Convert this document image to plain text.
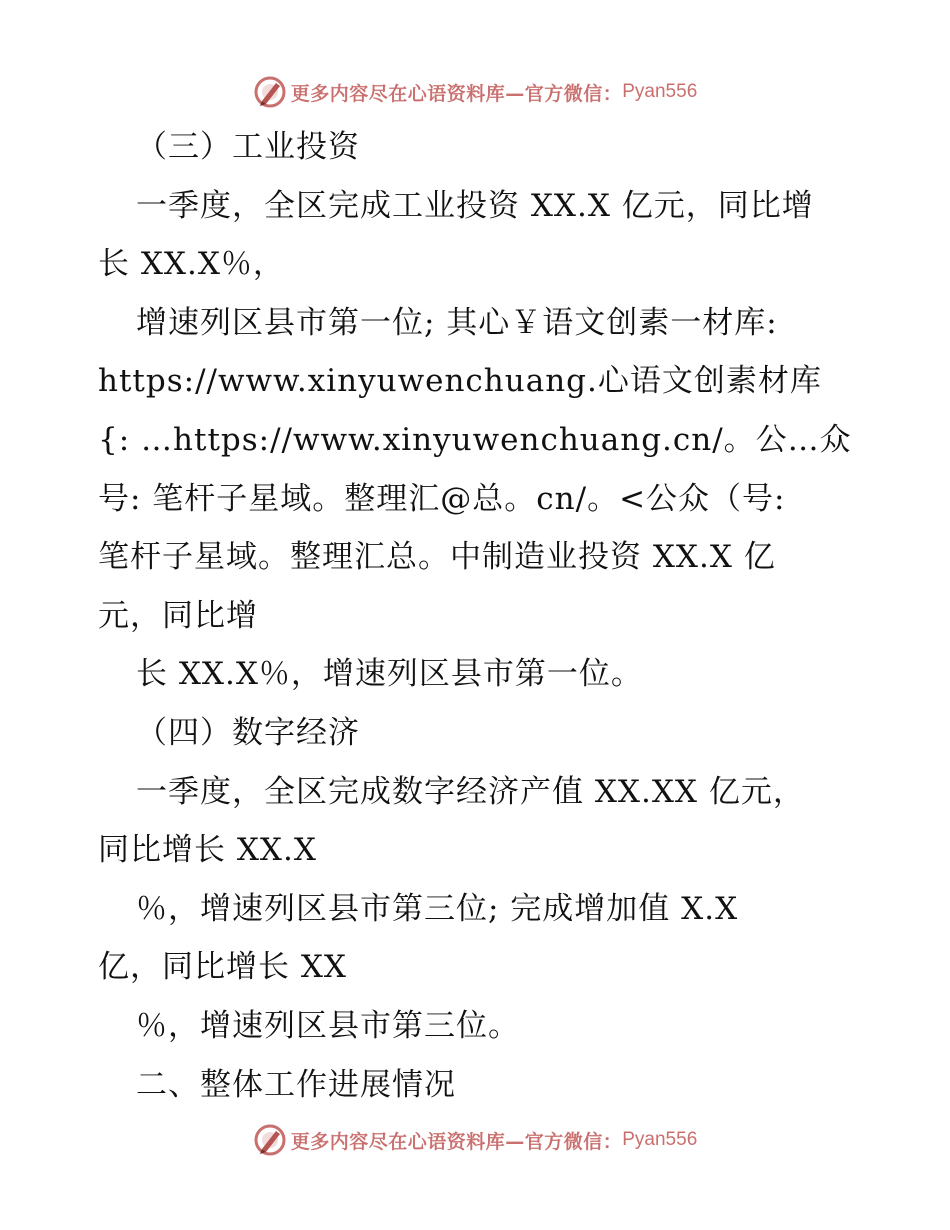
更多内容尽在心语资料库—官方微信： Pyan556
（三）工业投资
一季度，全区完成工业投资 XX.X 亿元，同比增
长 XX.X％，
增速列区县市第一位; 其心￥语文创素一材库:
https://www.xinyuwenchuang.心语文创素材库
{: …https://www.xinyuwenchuang.cn/。公…众
号: 笔杆子星域。整理汇@总。cn/。<公众（号:
笔杆子星域。整理汇总。中制造业投资 XX.X 亿
元，同比增
长 XX.X％，增速列区县市第一位。
（四）数字经济
一季度，全区完成数字经济产值 XX.XX 亿元，
同比增长 XX.X
％，增速列区县市第三位; 完成增加值 X.X
亿，同比增长 XX
％，增速列区县市第三位。
二、整体工作进展情况
更多内容尽在心语资料库—官方微信： Pyan556
